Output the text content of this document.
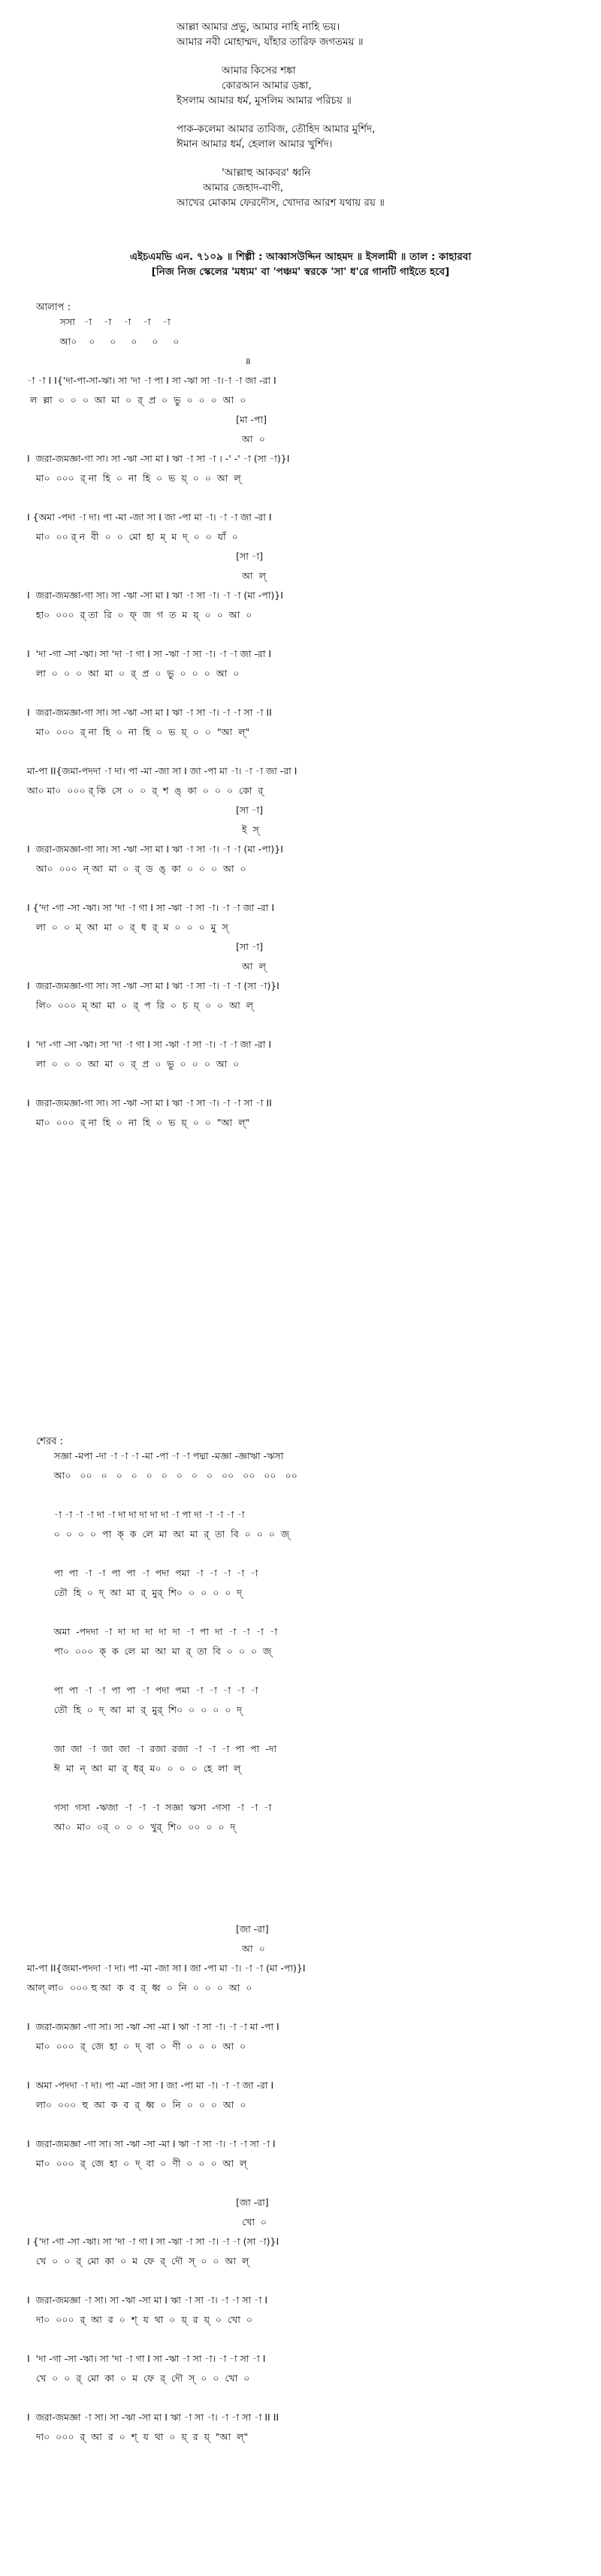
আল্লা আমার প্রভু, আমার নাহি নাহি ভয়।
আমার নবী মোহাম্মদ, যাঁহার তারিফ জগতময় ॥
আমার কিসের শঙ্কা
কোরআন আমার ডঙ্কা,
ইসলাম আমার ধর্ম, মুসলিম আমার পরিচয় ॥
পাক-কলেমা আমার তাবিজ, তৌহিদ আমার মুর্শিদ,
ঈমান আমার ধর্ম, হেলাল আমার খুর্শিদ।
'আল্লাহু আকবর' ধ্বনি
আমার জেহাদ-বাণী,
আখের মোকাম ফেরদৌস, খোদার আরশ যথায় রয় ॥
এইচএমভি এন. ৭১০৯ ॥ শিল্পী : আব্বাসউদ্দিন আহমদ ॥ ইসলামী ॥ তাল : কাহারবা
[নিজ নিজ স্কেলের 'মধ্যম' বা 'পঞ্চম' স্বরকে 'সা' ধ'রে গানটি গাইতে হবে]
আলাপ :
সসা   -া    -া    -া    -া    -া
আ০    ০     ০     ০     ০     ০
॥
-া -া I I{'দা-পা-সা-ঋা। সা 'দা -া পা I সা -ঋা সা -া।-া -া জা -রা I
ল  ল্লা  ০  ০  ০  আ  মা  ০  র্  প্র  ০  ভু  ০  ০  ০  আ  ০
[মা -পা]
আ  ০
I  জরা-জমজ্ঞা-গা সা। সা -ঋা -সা মা I ঋা -া সা -া । -' -' -া (সা -া)}I
মা০  ০০০  র্ না  হি  ০  না  হি  ০  ভ  য়্  ০  ০  আ  ল্

I {অমা -পদা -া দা। পা -মা -জা সা I জা -পা মা -া। -া -া জা -রা I
মা০  ০০ র্ ন  বী  ০  ০  মো  হা  ম্  ম  দ্  ০  ০  যাঁ  ০
[সা -া]
আ  ল্
I  জরা-জমজ্ঞা-গা সা। সা -ঋা -সা মা I ঋা -া সা -া। -া -া (মা -পা)}I
হা০  ০০০  র্ তা  রি  ০  ফ্  জ  গ  ত  ম  য়্  ০  ০  আ  ০

I  'দা -গা -সা -ঋা। সা 'দা -া গা I সা -ঋা -া সা -া। -া -া জা -রা I
লা  ০  ০  ০  আ  মা  ০  র্  প্র  ০  ভু  ০  ০  ০  আ  ০

I  জরা-জমজ্ঞা-গা সা। সা -ঋা -সা মা I ঋা -া সা -া। -া -া সা -া II
মা০  ০০০  র্ না  হি  ০  না  হি  ০  ভ  য়্  ০  ০  "আ  ল্"

মা-পা II{জমা-পদদা -া দা। পা -মা -জা সা I জা -পা মা -া। -া -া জা -রা I
আ০ মা০  ০০০ র্ কি  সে  ০  ০  র্  শ  ঙ্  কা  ০  ০  ০  কো  র্
[সা -া]
ই  স্
I  জরা-জমজ্ঞা-গা সা। সা -ঋা -সা মা I ঋা -া সা -া। -া -া (মা -পা)}I
আ০  ০০০  ন্ আ  মা  ০  র্  ড  ঙ্  কা  ০  ০  ০  আ  ০

I {'দা -গা -সা -ঋা। সা 'দা -া গা I সা -ঋা -া সা -া। -া -া জা -রা I
লা  ০  ০  ম্  আ  মা  ০  র্  ধ  র্  ম  ০  ০  ০  মু  স্
[সা -া]
আ  ল্
I  জরা-জমজ্ঞা-গা সা। সা -ঋা -সা মা I ঋা -া সা -া। -া -া (সা -া)}I
লি০  ০০০  ম্ আ  মা  ০  র্  প  রি  ০  চ  য়্  ০  ০  আ  ল্

I  'দা -গা -সা -ঋা। সা 'দা -া গা I সা -ঋা -া সা -া। -া -া জা -রা I
লা  ০  ০  ০  আ  মা  ০  র্  প্র  ০  ভু  ০  ০  ০  আ  ০

I  জরা-জমজ্ঞা-গা সা। সা -ঋা -সা মা I ঋা -া সা -া। -া -া সা -া II
মা০  ০০০  র্ না  হি  ০  না  হি  ০  ভ  য়্  ০  ০  "আ  ল্"
শেরব :
সজ্ঞা -মপা -দা -া -া -া -মা -পা -া -া পদ্মা -মজ্ঞা -জ্ঞাঋা -ঋসা
আ০   ০০   ০   ০   ০   ০   ০   ০   ০   ০   ০০   ০০   ০০   ০০

-া -া -া -া দা -া দা দা দা দা দা -া পা দা -া -া -া -া
০  ০  ০  ০  পা  ক্  ক  লে  মা  আ  মা  র্  তা  বি  ০  ০  ০  জ্

পা  পা  -া  -া  পা  পা  -া  পদা  পমা  -া  -া  -া  -া  -া
তৌ  হি  ০  দ্  আ  মা  র্  মুর্  শি০  ০  ০  ০  ০  দ্

অমা  -পদদা  -া  দা  দা  দা  দা  দা  -া  পা  দা  -া  -া  -া  -া
পা০  ০০০  ক্  ক  লে  মা  আ  মা  র্  তা  বি  ০  ০  ০  জ্

পা  পা  -া  -া  পা  পা  -া  পদা  পমা  -া  -া  -া  -া  -া
তৌ  হি  ০  দ্  আ  মা  র্  মুর্  শি০  ০  ০  ০  ০  দ্

জা  জা  -া  জা  জা  -া  রজা  রজা  -া  -া  -া  পা  পা  -দা
ঈ  মা  ন্  আ  মা  র্  ধর্  ম০  ০  ০  ০  হে  লা  ল্

গসা  গসা  -ঋজা  -া  -া  -া  সজ্ঞা  ঋসা  -গসা  -া  -া  -া
আ০  মা০  ০র্  ০  ০  ০  খুর্  শি০  ০০  ০  ০  দ্
[জা -রা]
আ  ০
মা-পা II{জমা-পদদা -া দা। পা -মা -জা সা I জা -পা মা -া। -া -া (মা -পা)}I
আল্ লা০  ০০০ হু আ  ক  ব  র্  ধ্ব  ০  নি  ০  ০  ০  আ  ০

I  জরা-জমজ্ঞা -গা সা। সা -ঋা -সা -মা I ঋা -া সা -া। -া -া মা -পা I
মা০  ০০০  র্  জে  হা  ০  দ্  বা  ০  ণী  ০  ০  ০  আ  ০

I  অমা -পদদা -া দা। পা -মা -জা সা I জা -পা মা -া। -া -া জা -রা I
লা০  ০০০  হু  আ  ক  ব  র্  ধ্ব  ০  নি  ০  ০  ০  আ  ০

I  জরা-জমজ্ঞা -গা সা। সা -ঋা -সা -মা I ঋা -া সা -া। -া -া সা -া I
মা০  ০০০  র্  জে  হা  ০  দ্  বা  ০  ণী  ০  ০  ০  আ  ল্

[জা -রা]
খো  ০
I {'দা -গা -সা -ঋা। সা 'দা -া গা I সা -ঋা -া সা -া। -া -া (সা -া)}I
খে  ০  ০  র্  মো  কা  ০  ম  ফে  র্  দৌ  স্  ০  ০  আ  ল্

I  জরা-জমজ্ঞা -া সা। সা -ঋা -সা মা I ঋা -া সা -া। -া -া সা -া I
দা০  ০০০  র্  আ  র  ০  শ্  য  থা  ০  য়্  র  য়্  ০  খো  ০

I  'দা -গা -সা -ঋা। সা 'দা -া গা I সা -ঋা -া সা -া। -া -া সা -া I
খে  ০  ০  র্  মো  কা  ০  ম  ফে  র্  দৌ  স্  ০  ০  খো  ০

I  জরা-জমজ্ঞা -া সা। সা -ঋা -সা মা I ঋা -া সা -া। -া -া সা -া II II
দা০  ০০০  র্  আ  র  ০  শ্  য  থা  ০  য়্  র  য়্  "আ  ল্"
